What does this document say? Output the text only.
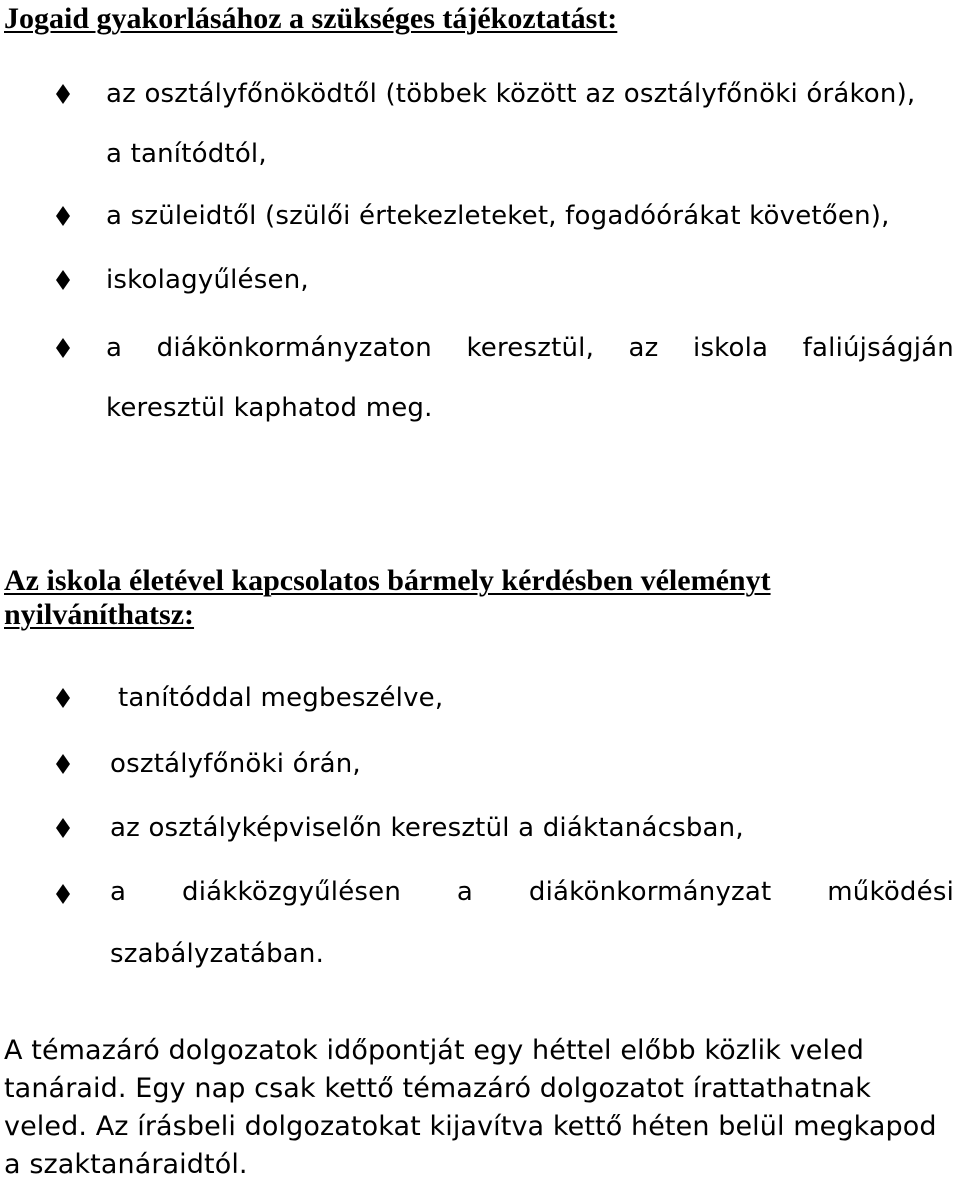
Jogaid gyakorlásához a szükséges tájékoztatást:

az osztályfőnöködtől (többek között az osztályfőnöki órákon),

a tanítódtól,

a szüleidtől (szülői értekezleteket, fogadóórákat követően),

iskolagyűlésen,

a diákönkormányzaton keresztül, az iskola faliújságján

keresztül kaphatod meg.

Az iskola életével kapcsolatos bármely kérdésben véleményt nyilváníthatsz:

tanítóddal megbeszélve,

osztályfőnöki órán,

az osztályképviselőn keresztül a diáktanácsban,

a diákközgyűlésen a diákönkormányzat működési

szabályzatában.

A témazáró dolgozatok időpontját egy héttel előbb közlik veled tanáraid. Egy nap csak kettő témazáró dolgozatot írattathatnak veled. Az írásbeli dolgozatokat kijavítva kettő héten belül megkapod a szaktanáraidtól.
